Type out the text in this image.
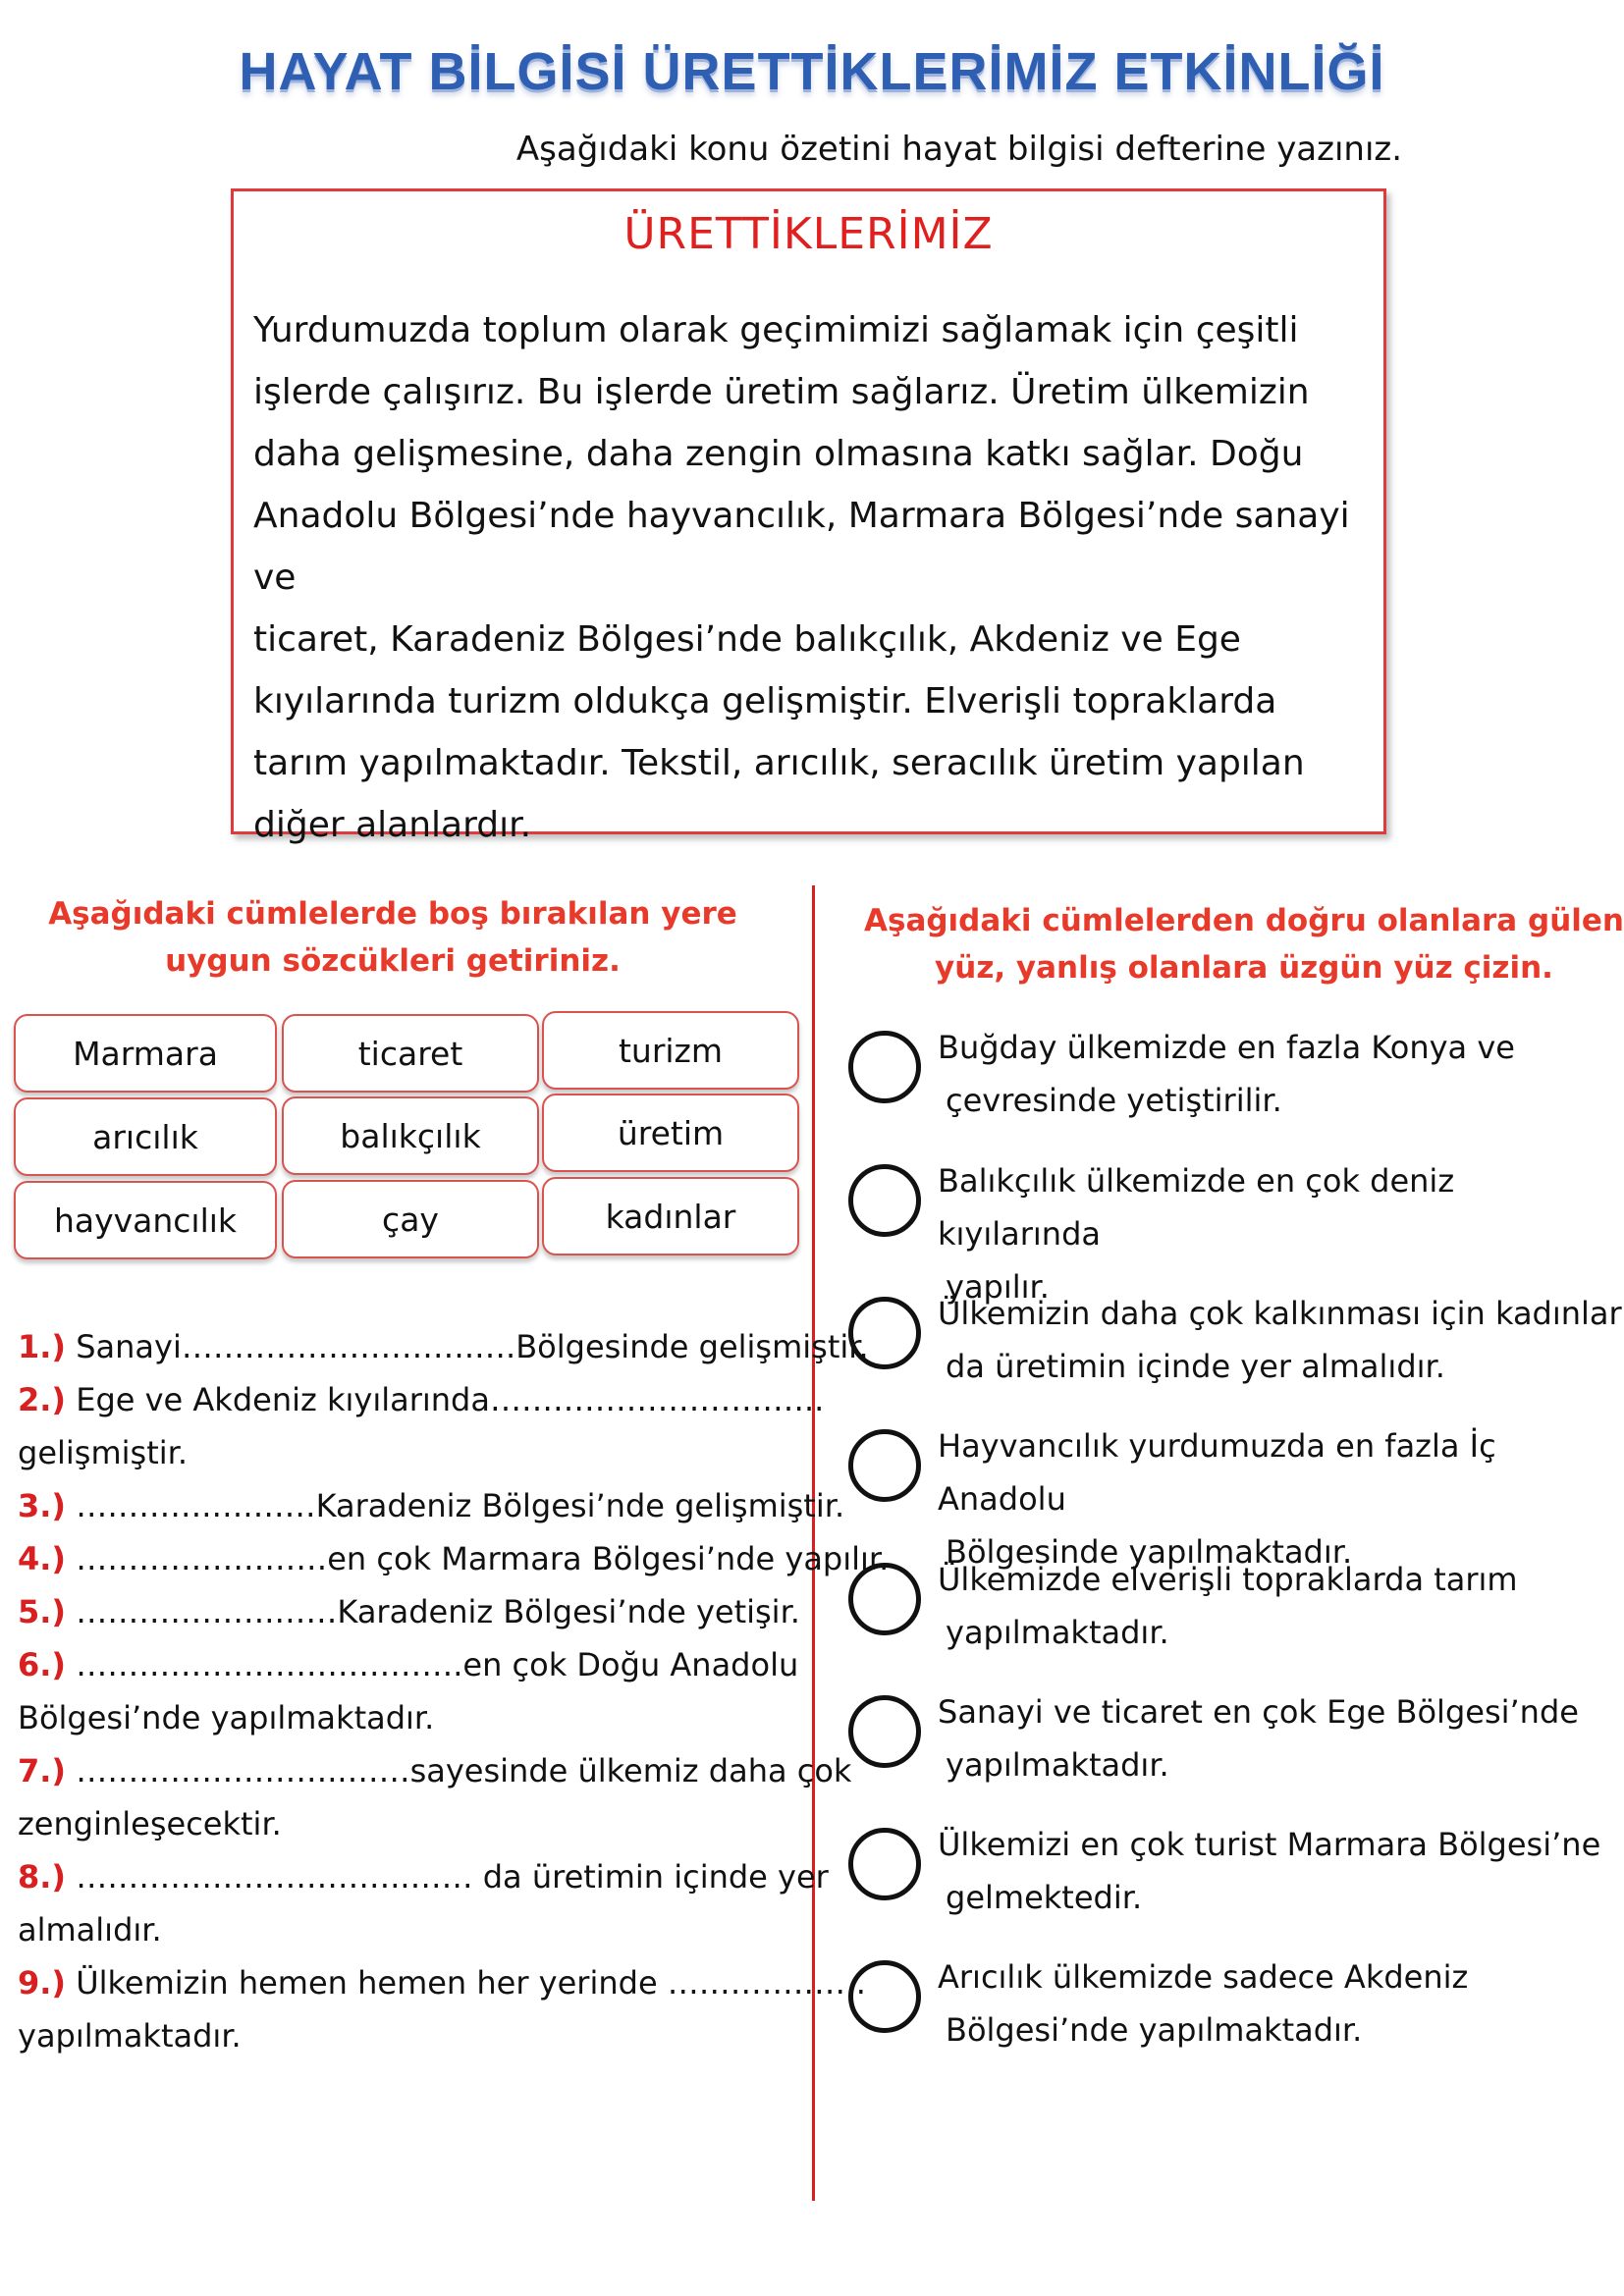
HAYAT BİLGİSİ ÜRETTİKLERİMİZ ETKİNLİĞİ
Aşağıdaki konu özetini hayat bilgisi defterine yazınız.
ÜRETTİKLERİMİZ
Yurdumuzda toplum olarak geçimimizi sağlamak için çeşitli
işlerde çalışırız. Bu işlerde üretim sağlarız. Üretim ülkemizin
daha gelişmesine, daha zengin olmasına katkı sağlar. Doğu
Anadolu Bölgesi’nde hayvancılık, Marmara Bölgesi’nde sanayi ve
ticaret, Karadeniz Bölgesi’nde balıkçılık, Akdeniz ve Ege
kıyılarında turizm oldukça gelişmiştir. Elverişli topraklarda
tarım yapılmaktadır. Tekstil, arıcılık, seracılık üretim yapılan
diğer alanlardır.
Aşağıdaki cümlelerde boş bırakılan yere
uygun sözcükleri getiriniz.
Marmara	ticaret	turizm
arıcılık	balıkçılık	üretim
hayvancılık	çay	kadınlar
1.) Sanayi……………………….….Bölgesinde gelişmiştir.
2.) Ege ve Akdeniz kıyılarında…………………………..
gelişmiştir.
3.) ………….….……Karadeniz Bölgesi’nde gelişmiştir.
4.) ……………………en çok Marmara Bölgesi’nde yapılır.
5.) ……………….……Karadeniz Bölgesi’nde yetişir.
6.) ……………………………….en çok Doğu Anadolu
Bölgesi’nde yapılmaktadır.
7.) ……………………..……sayesinde ülkemiz daha çok
zenginleşecektir.
8.) …………………………..…… da üretimin içinde yer
almalıdır.
9.) Ülkemizin hemen hemen her yerinde ……………….
yapılmaktadır.
Aşağıdaki cümlelerden doğru olanlara gülen
yüz, yanlış olanlara üzgün yüz çizin.
Buğday ülkemizde en fazla Konya ve
çevresinde yetiştirilir.
Balıkçılık ülkemizde en çok deniz kıyılarında
yapılır.
Ülkemizin daha çok kalkınması için kadınlar
da üretimin içinde yer almalıdır.
Hayvancılık yurdumuzda en fazla İç Anadolu
Bölgesinde yapılmaktadır.
Ülkemizde elverişli topraklarda tarım
yapılmaktadır.
Sanayi ve ticaret en çok Ege Bölgesi’nde
yapılmaktadır.
Ülkemizi en çok turist Marmara Bölgesi’ne
gelmektedir.
Arıcılık ülkemizde sadece Akdeniz
Bölgesi’nde yapılmaktadır.
